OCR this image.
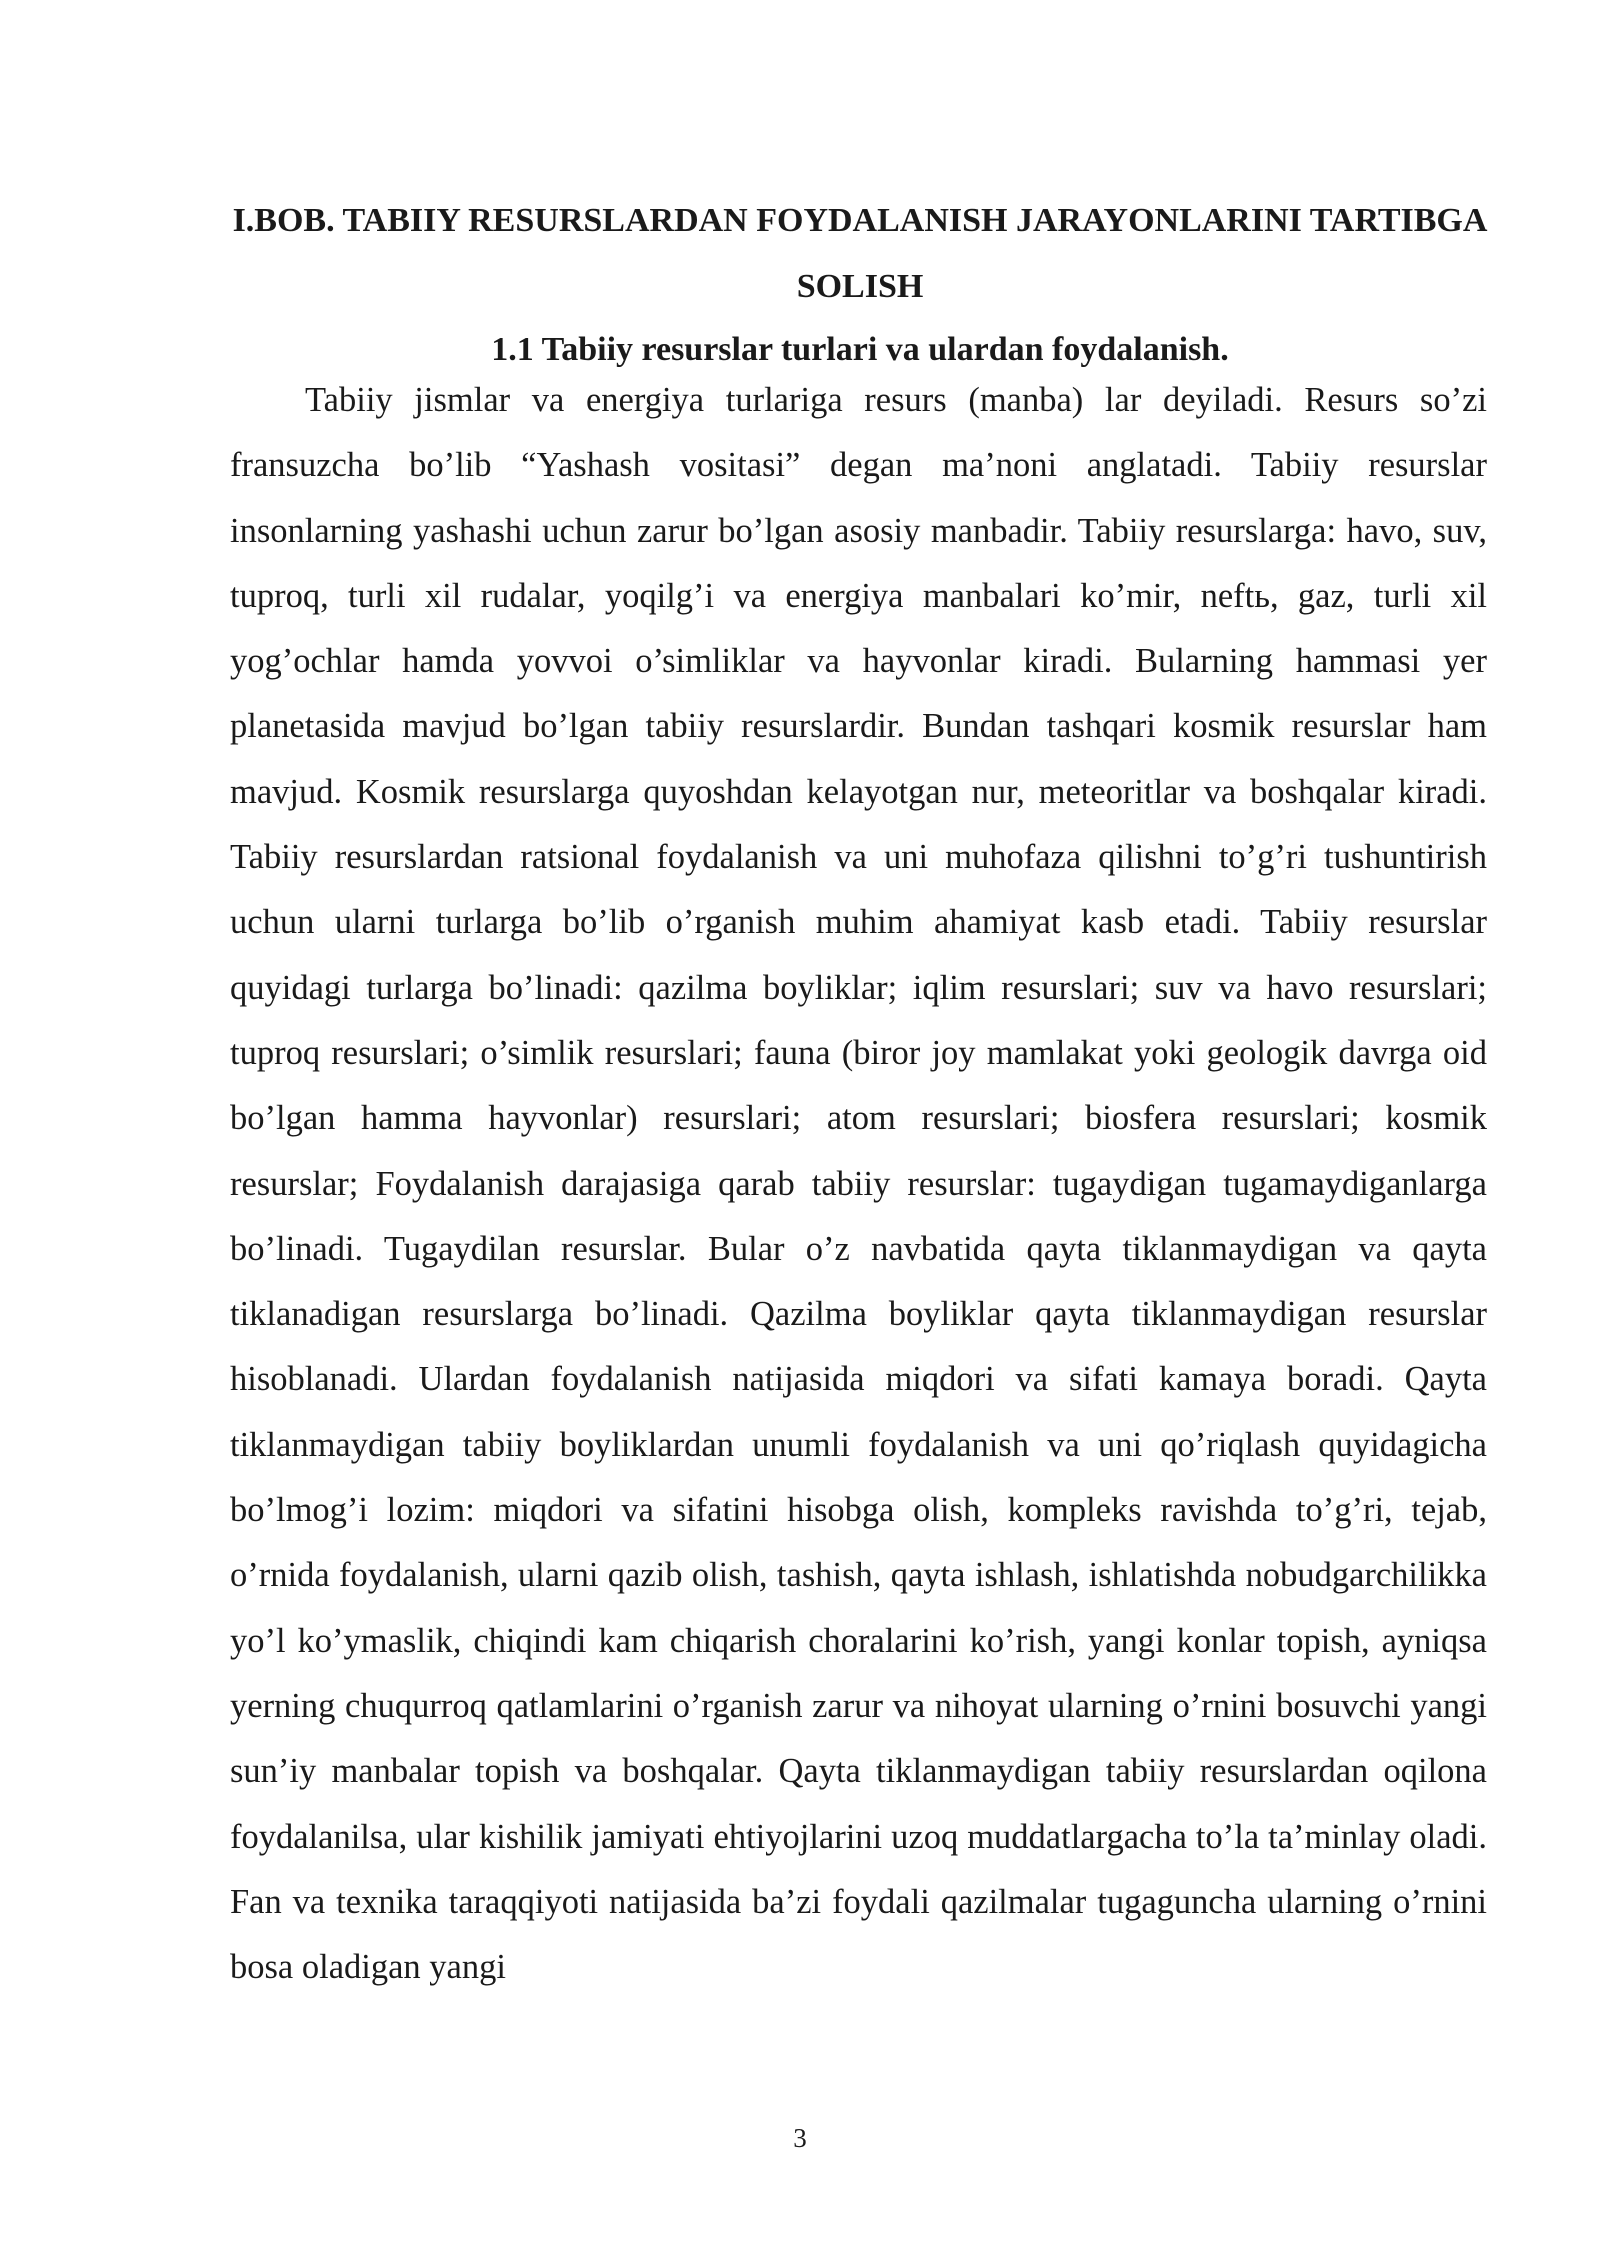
I.BOB. TABIIY RESURSLARDAN FOYDALANISH JARAYONLARINI TARTIBGA SOLISH
1.1 Tabiiy resurslar turlari va ulardan foydalanish.

Tabiiy jismlar va energiya turlariga resurs (manba) lar deyiladi. Resurs so’zi fransuzcha bo’lib “Yashash vositasi” degan ma’noni anglatadi. Tabiiy resurslar insonlarning yashashi uchun zarur bo’lgan asosiy manbadir. Tabiiy resurslarga: havo, suv, tuproq, turli xil rudalar, yoqilg’i va energiya manbalari ko’mir, neftь, gaz, turli xil yog’ochlar hamda yovvoi o’simliklar va hayvonlar kiradi. Bularning hammasi yer planetasida mavjud bo’lgan tabiiy resurslardir. Bundan tashqari kosmik resurslar ham mavjud. Kosmik resurslarga quyoshdan kelayotgan nur, meteoritlar va boshqalar kiradi. Tabiiy resurslardan ratsional foydalanish va uni muhofaza qilishni to’g’ri tushuntirish uchun ularni turlarga bo’lib o’rganish muhim ahamiyat kasb etadi. Tabiiy resurslar quyidagi turlarga bo’linadi: qazilma boyliklar; iqlim resurslari; suv va havo resurslari; tuproq resurslari; o’simlik resurslari; fauna (biror joy mamlakat yoki geologik davrga oid bo’lgan hamma hayvonlar) resurslari; atom resurslari; biosfera resurslari; kosmik resurslar; Foydalanish darajasiga qarab tabiiy resurslar: tugaydigan tugamaydiganlarga bo’linadi. Tugaydilan resurslar. Bular o’z navbatida qayta tiklanmaydigan va qayta tiklanadigan resurslarga bo’linadi. Qazilma boyliklar qayta tiklanmaydigan resurslar hisoblanadi. Ulardan foydalanish natijasida miqdori va sifati kamaya boradi. Qayta tiklanmaydigan tabiiy boyliklardan unumli foydalanish va uni qo’riqlash quyidagicha bo’lmog’i lozim: miqdori va sifatini hisobga olish, kompleks ravishda to’g’ri, tejab, o’rnida foydalanish, ularni qazib olish, tashish, qayta ishlash, ishlatishda nobudgarchilikka yo’l ko’ymaslik, chiqindi kam chiqarish choralarini ko’rish, yangi konlar topish, ayniqsa yerning chuqurroq qatlamlarini o’rganish zarur va nihoyat ularning o’rnini bosuvchi yangi sun’iy manbalar topish va boshqalar. Qayta tiklanmaydigan tabiiy resurslardan oqilona foydalanilsa, ular kishilik jamiyati ehtiyojlarini uzoq muddatlargacha to’la ta’minlay oladi. Fan va texnika taraqqiyoti natijasida ba’zi foydali qazilmalar tugaguncha ularning o’rnini bosa oladigan yangi

3
